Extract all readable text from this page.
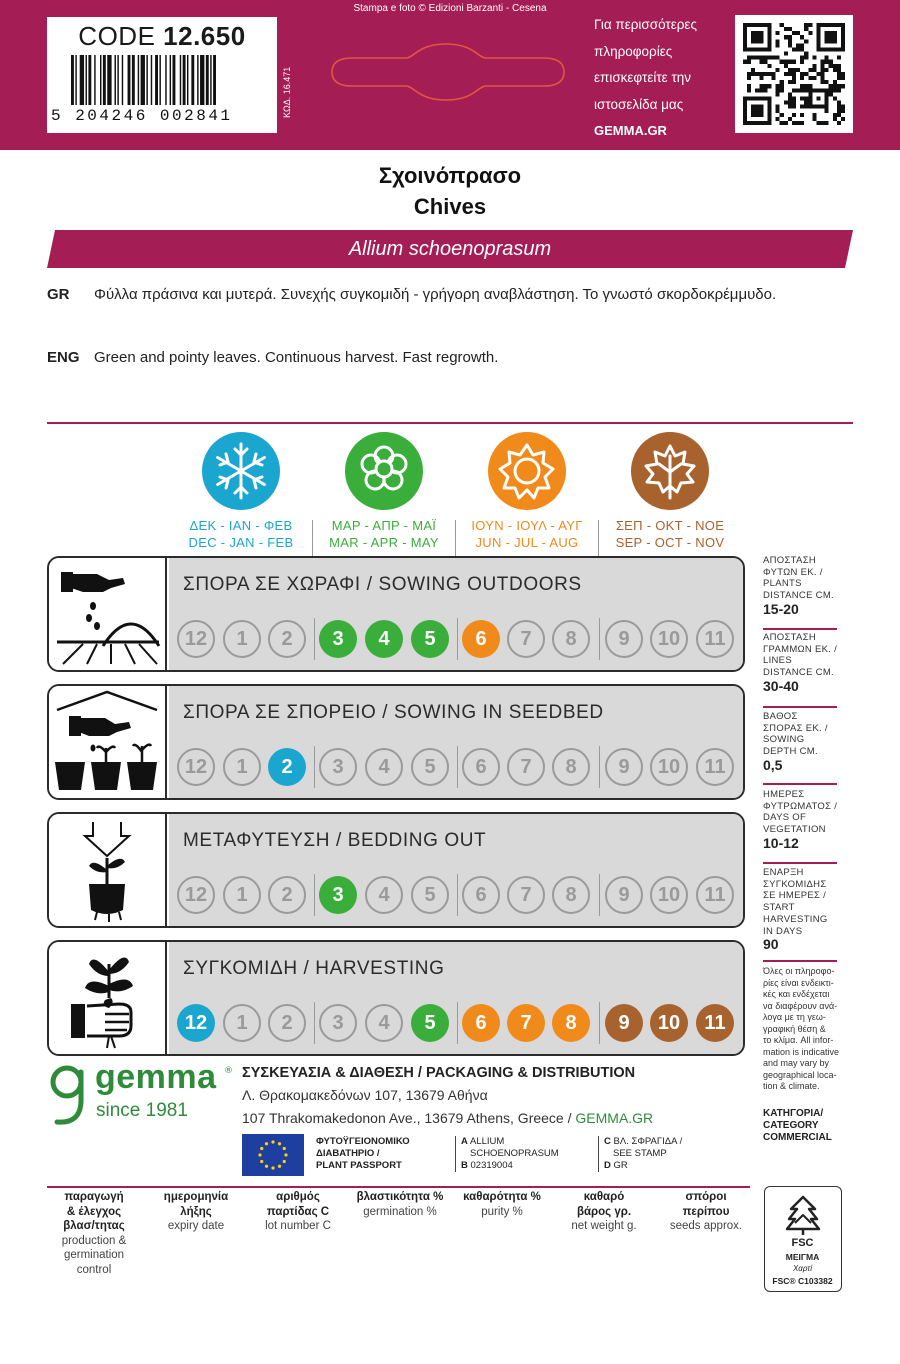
CODE 12.650
5 204246 002841	ΚΩΔ. 16.471
Stampa e foto © Edizioni Barzanti - Cesena
Για περισσότερες
πληροφορίες
επισκεφτείτε την
ιστοσελίδα μας
GEMMA.GR
Σχοινόπρασο
Chives
Allium schoenoprasum
GR Φύλλα πράσινα και μυτερά. Συνεχής συγκομιδή - γρήγορη αναβλάστηση. Το γνωστό σκορδοκρέμμυδο.
ENG Green and pointy leaves. Continuous harvest. Fast regrowth.
ΔΕΚ - ΙΑΝ - ΦΕΒ
DEC - JAN - FEB
ΜΑΡ - ΑΠΡ - ΜΑΪ
MAR - APR - MAY
ΙΟΥΝ - ΙΟΥΛ - ΑΥΓ
JUN - JUL - AUG
ΣΕΠ - ΟΚΤ - ΝΟΕ
SEP - OCT - NOV
ΣΠΟΡΑ ΣΕ ΧΩΡΑΦΙ / SOWING OUTDOORS
12	1	2	3	4	5	6	7	8	9	10	11
ΣΠΟΡΑ ΣΕ ΣΠΟΡΕΙΟ / SOWING IN SEEDBED
12	1	2	3	4	5	6	7	8	9	10	11
ΜΕΤΑΦΥΤΕΥΣΗ / BEDDING OUT
12	1	2	3	4	5	6	7	8	9	10	11
ΣΥΓΚΟΜΙΔΗ / HARVESTING
12	1	2	3	4	5	6	7	8	9	10	11
ΑΠΟΣΤΑΣΗ
ΦΥΤΩΝ ΕΚ. /
PLANTS
DISTANCE CM.
15-20
ΑΠΟΣΤΑΣΗ
ΓΡΑΜΜΩΝ ΕΚ. /
LINES
DISTANCE CM.
30-40
ΒΑΘΟΣ
ΣΠΟΡΑΣ ΕΚ. /
SOWING
DEPTH CM.
0,5
ΗΜΕΡΕΣ
ΦΥΤΡΩΜΑΤΟΣ /
DAYS OF
VEGETATION
10-12
ΕΝΑΡΞΗ
ΣΥΓΚΟΜΙΔΗΣ
ΣΕ ΗΜΕΡΕΣ /
START
HARVESTING
IN DAYS
90
Όλες οι πληροφο-
ρίες είναι ενδεικτι-
κές και ενδέχεται
να διαφέρουν ανά-
λογα με τη γεω-
γραφική θέση &
το κλίμα. All infor-
mation is indicative
and may vary by
geographical loca-
tion & climate.
ΚΑΤΗΓΟΡΙΑ/
CATEGORY
COMMERCIAL
gemma ®
since 1981
ΣΥΣΚΕΥΑΣΙΑ & ΔΙΑΘΕΣΗ / PACKAGING & DISTRIBUTION
Λ. Θρακομακεδόνων 107, 13679 Αθήνα
107 Thrakomakedonon Ave., 13679 Athens, Greece / GEMMA.GR
ΦΥΤΟΫΓΕΙΟΝΟΜΙΚΟ
ΔΙΑΒΑΤΗΡΙΟ /
PLANT PASSPORT
A ALLIUM
SCHOENOPRASUM
B 02319004
C ΒΛ. ΣΦΡΑΓΙΔΑ /
SEE STAMP
D GR
παραγωγή
& έλεγχος
βλασ/τητας
production &
germination
control
ημερομηνία
λήξης
expiry date
αριθμός
παρτίδας C
lot number C
βλαστικότητα %
germination %
καθαρότητα %
purity %
καθαρό
βάρος γρ.
net weight g.
σπόροι
περίπου
seeds approx.
FSC
ΜΕΙΓΜΑ
Χαρτί
FSC® C103382
